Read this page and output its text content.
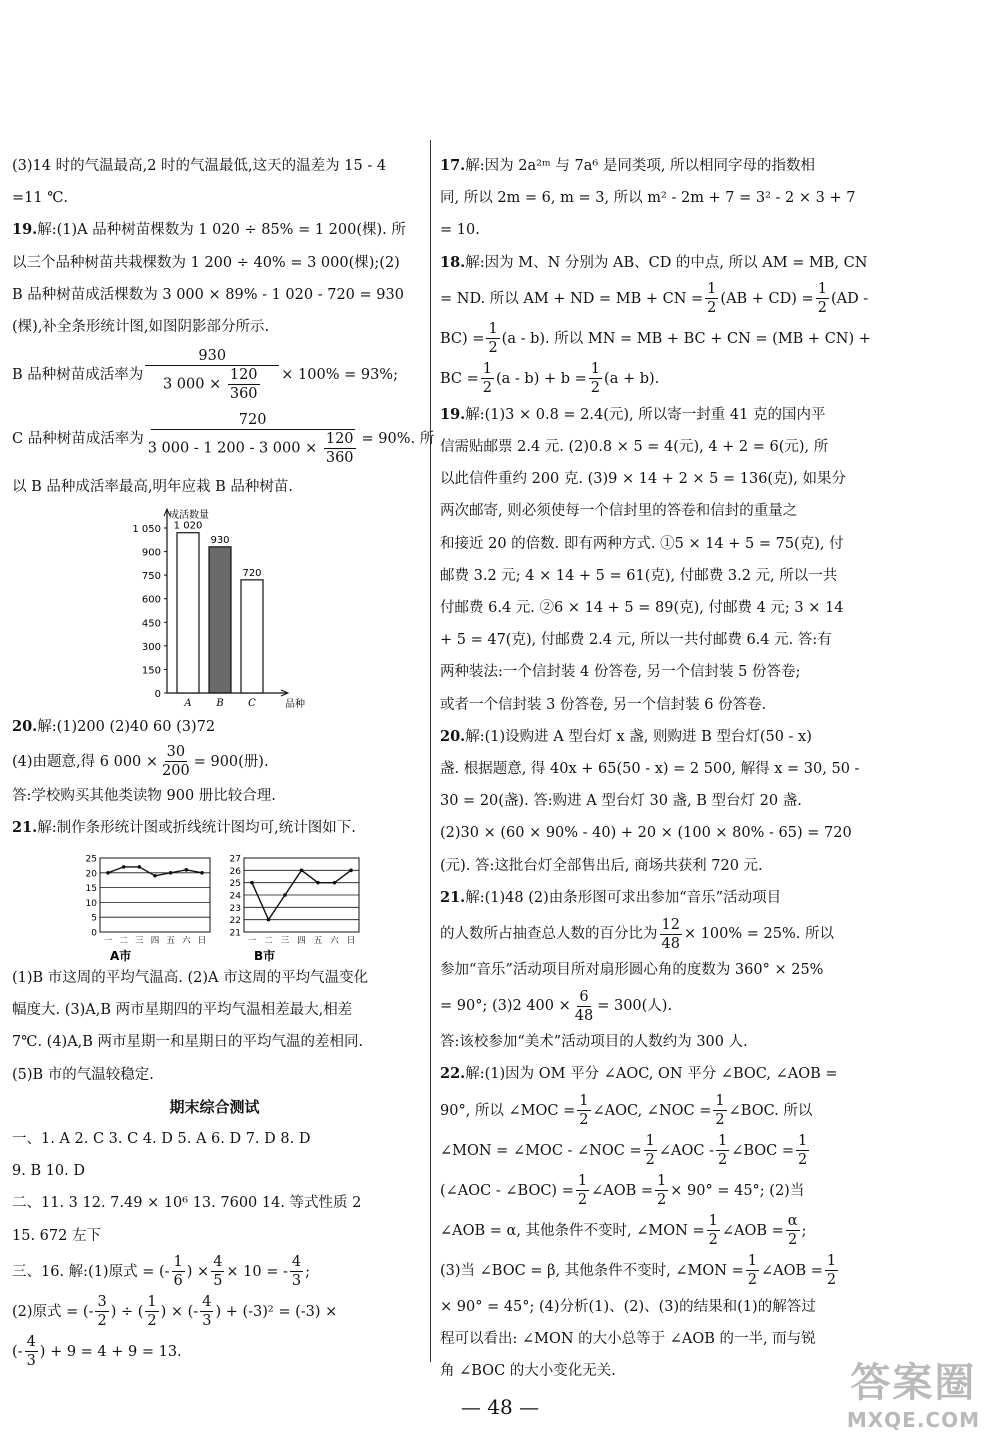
(3)14 时的气温最高,2 时的气温最低,这天的温差为 15 - 4
=11 ℃.
19.解:(1)A 品种树苗棵数为 1 020 ÷ 85% = 1 200(棵). 所
以三个品种树苗共栽棵数为 1 200 ÷ 40% = 3 000(棵);(2)
B 品种树苗成活棵数为 3 000 × 89% - 1 020 - 720 = 930
(棵),补全条形统计图,如图阴影部分所示.
B 品种树苗成活率为 $\frac{930}{3 000 \times \frac{120}{360}} \times 100\% = 93\%$;
C 品种树苗成活率为
720
3 000 - 1 200 - 3 $000 \times \frac{120}{360} = 90\%$. 所
以 B 品种成活率最高,明年应栽 B 品种树苗.
0
150
300
450
600
750
900
1 050
成活数量
品种
1 020
A
930
B
720
C
20.解:(1)200 (2)40 60 (3)72
(4)由题意,得 6 $000 \times \frac{30}{200} = 900$(册).
答:学校购买其他类读物 900 册比较合理.
21.解:制作条形统计图或折线统计图均可,统计图如下.
0
5
10
15
20
25
一 二 三 四 五 六 日
A市
21
22
23
24
25
26
27
一 二 三 四 五 六 日
B市
(1)B 市这周的平均气温高. (2)A 市这周的平均气温变化
幅度大. (3)A,B 两市星期四的平均气温相差最大,相差
7℃. (4)A,B 两市星期一和星期日的平均气温的差相同.
(5)B 市的气温较稳定.
期末综合测试
一、1. A 2. C 3. C 4. D 5. A 6. D 7. D 8. D
9. B 10. D
二、11. 3 12. 7.49 × 10⁶ 13. 7600 14. 等式性质 2
15. 672 左下
三、16. 解:(1)原式 = (- $\frac{1}{6}$ ) × $\frac{4}{5} \times 10$ = - $\frac{4}{3}$ ;
(2)原式 = (- $\frac{3}{2}$ ) ÷ ( $\frac{1}{2}$ ) × (- $\frac{4}{3}$ ) + (-3)² = (-3) ×
(- $\frac{4}{3}$ ) + 9 = 4 + 9 = 13.
17.解:因为 2a²ᵐ 与 7a⁶ 是同类项, 所以相同字母的指数相
同, 所以 2m = 6, m = 3, 所以 m² - 2m + 7 = 3² - 2 × 3 + 7
= 10.
18.解:因为 M、N 分别为 AB、CD 的中点, 所以 AM = MB, CN
= ND. 所以 AM + ND = MB + CN = $\frac{1}{2} (AB + CD) = \frac{1}{2} (AD$ -
$BC) = \frac{1}{2} (a - b)$. 所以 MN = MB + BC + CN = (MB + CN) +
BC = $\frac{1}{2} (a - b) + b = \frac{1}{2} (a + b)$.
19.解:(1)3 × 0.8 = 2.4(元), 所以寄一封重 41 克的国内平
信需贴邮票 2.4 元. (2)0.8 × 5 = 4(元), 4 + 2 = 6(元), 所
以此信件重约 200 克. (3)9 × 14 + 2 × 5 = 136(克), 如果分
两次邮寄, 则必须使每一个信封里的答卷和信封的重量之
和接近 20 的倍数. 即有两种方式. ①5 × 14 + 5 = 75(克), 付
邮费 3.2 元; 4 × 14 + 5 = 61(克), 付邮费 3.2 元, 所以一共
付邮费 6.4 元. ②6 × 14 + 5 = 89(克), 付邮费 4 元; 3 × 14
+ 5 = 47(克), 付邮费 2.4 元, 所以一共付邮费 6.4 元. 答:有
两种装法:一个信封装 4 份答卷, 另一个信封装 5 份答卷;
或者一个信封装 3 份答卷, 另一个信封装 6 份答卷.
20.解:(1)设购进 A 型台灯 x 盏, 则购进 B 型台灯(50 - x)
盏. 根据题意, 得 40x + 65(50 - x) = 2 500, 解得 x = 30, 50 -
30 = 20(盏). 答:购进 A 型台灯 30 盏, B 型台灯 20 盏.
(2)30 × (60 × 90% - 40) + 20 × (100 × 80% - 65) = 720
(元). 答:这批台灯全部售出后, 商场共获利 720 元.
21.解:(1)48 (2)由条形图可求出参加“音乐”活动项目
的人数所占抽查总人数的百分比为 $\frac{12}{48} \times 100\% = 25\%$. 所以
参加“音乐”活动项目所对扇形圆心角的度数为 360° × 25%
= 90°; (3)2 $400 \times \frac{6}{48} = 300$(人).
答:该校参加“美术”活动项目的人数约为 300 人.
22.解:(1)因为 OM 平分 ∠AOC, ON 平分 ∠BOC, ∠AOB =
90°, 所以 ∠MOC = $\frac{1}{2}$ ∠AOC, ∠NOC = $\frac{1}{2}$ ∠BOC. 所以
∠MON = ∠MOC - ∠NOC = $\frac{1}{2}$ ∠AOC - $\frac{1}{2}$ ∠BOC = $\frac{1}{2}$
(∠AOC - ∠BOC) = $\frac{1}{2}$ ∠AOB = $\frac{1}{2} \times 90^\circ = 45^\circ$; (2)当
∠AOB = α, 其他条件不变时, ∠MON = $\frac{1}{2}$ ∠AOB = $\frac{\alpha}{2}$ ;
(3)当 ∠BOC = β, 其他条件不变时, ∠MON = $\frac{1}{2}$ ∠AOB = $\frac{1}{2}$
× 90° = 45°; (4)分析(1)、(2)、(3)的结果和(1)的解答过
程可以看出: ∠MON 的大小总等于 ∠AOB 的一半, 而与锐
角 ∠BOC 的大小变化无关.
— 48 —
答案圈
MXQE.COM
